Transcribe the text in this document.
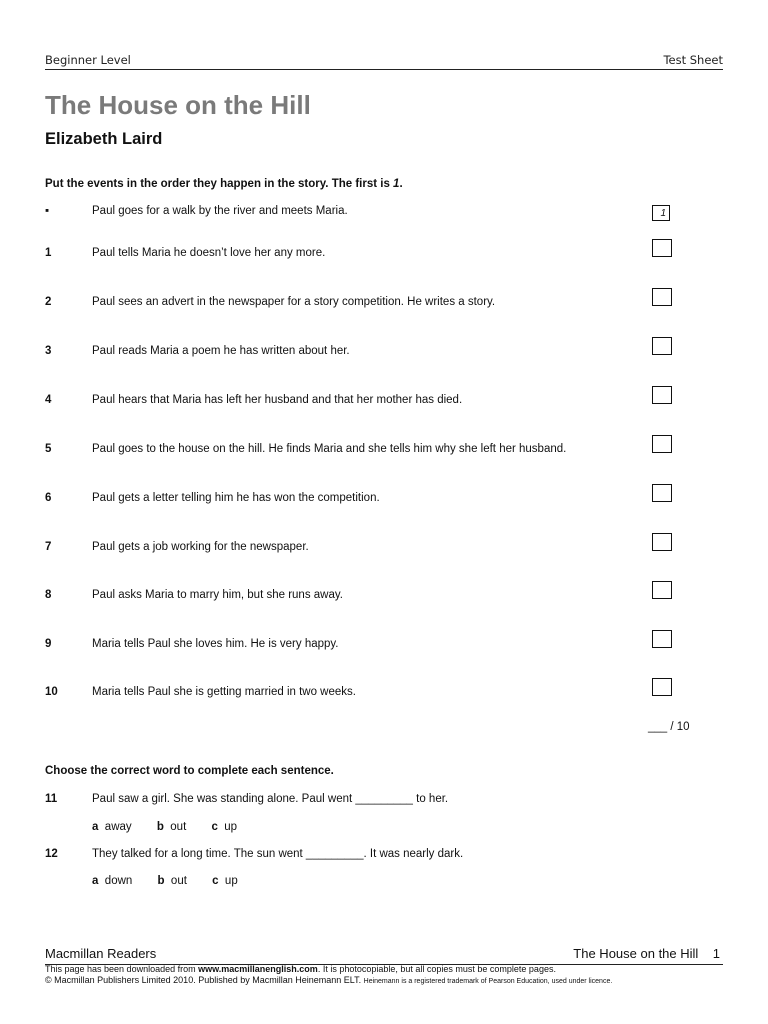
Beginner Level	Test Sheet
The House on the Hill
Elizabeth Laird
Put the events in the order they happen in the story. The first is 1.
▪	Paul goes for a walk by the river and meets Maria.	1
1	Paul tells Maria he doesn’t love her any more.
2	Paul sees an advert in the newspaper for a story competition. He writes a story.
3	Paul reads Maria a poem he has written about her.
4	Paul hears that Maria has left her husband and that her mother has died.
5	Paul goes to the house on the hill. He finds Maria and she tells him why she left her husband.
6	Paul gets a letter telling him he has won the competition.
7	Paul gets a job working for the newspaper.
8	Paul asks Maria to marry him, but she runs away.
9	Maria tells Paul she loves him. He is very happy.
10	Maria tells Paul she is getting married in two weeks.
___ / 10
Choose the correct word to complete each sentence.
11	Paul saw a girl. She was standing alone. Paul went _________ to her.
a away b out c up
12	They talked for a long time. The sun went _________. It was nearly dark.
a down b out c up
Macmillan Readers	The House on the Hill 1
This page has been downloaded from www.macmillanenglish.com. It is photocopiable, but all copies must be complete pages.
© Macmillan Publishers Limited 2010. Published by Macmillan Heinemann ELT. Heinemann is a registered trademark of Pearson Education, used under licence.
